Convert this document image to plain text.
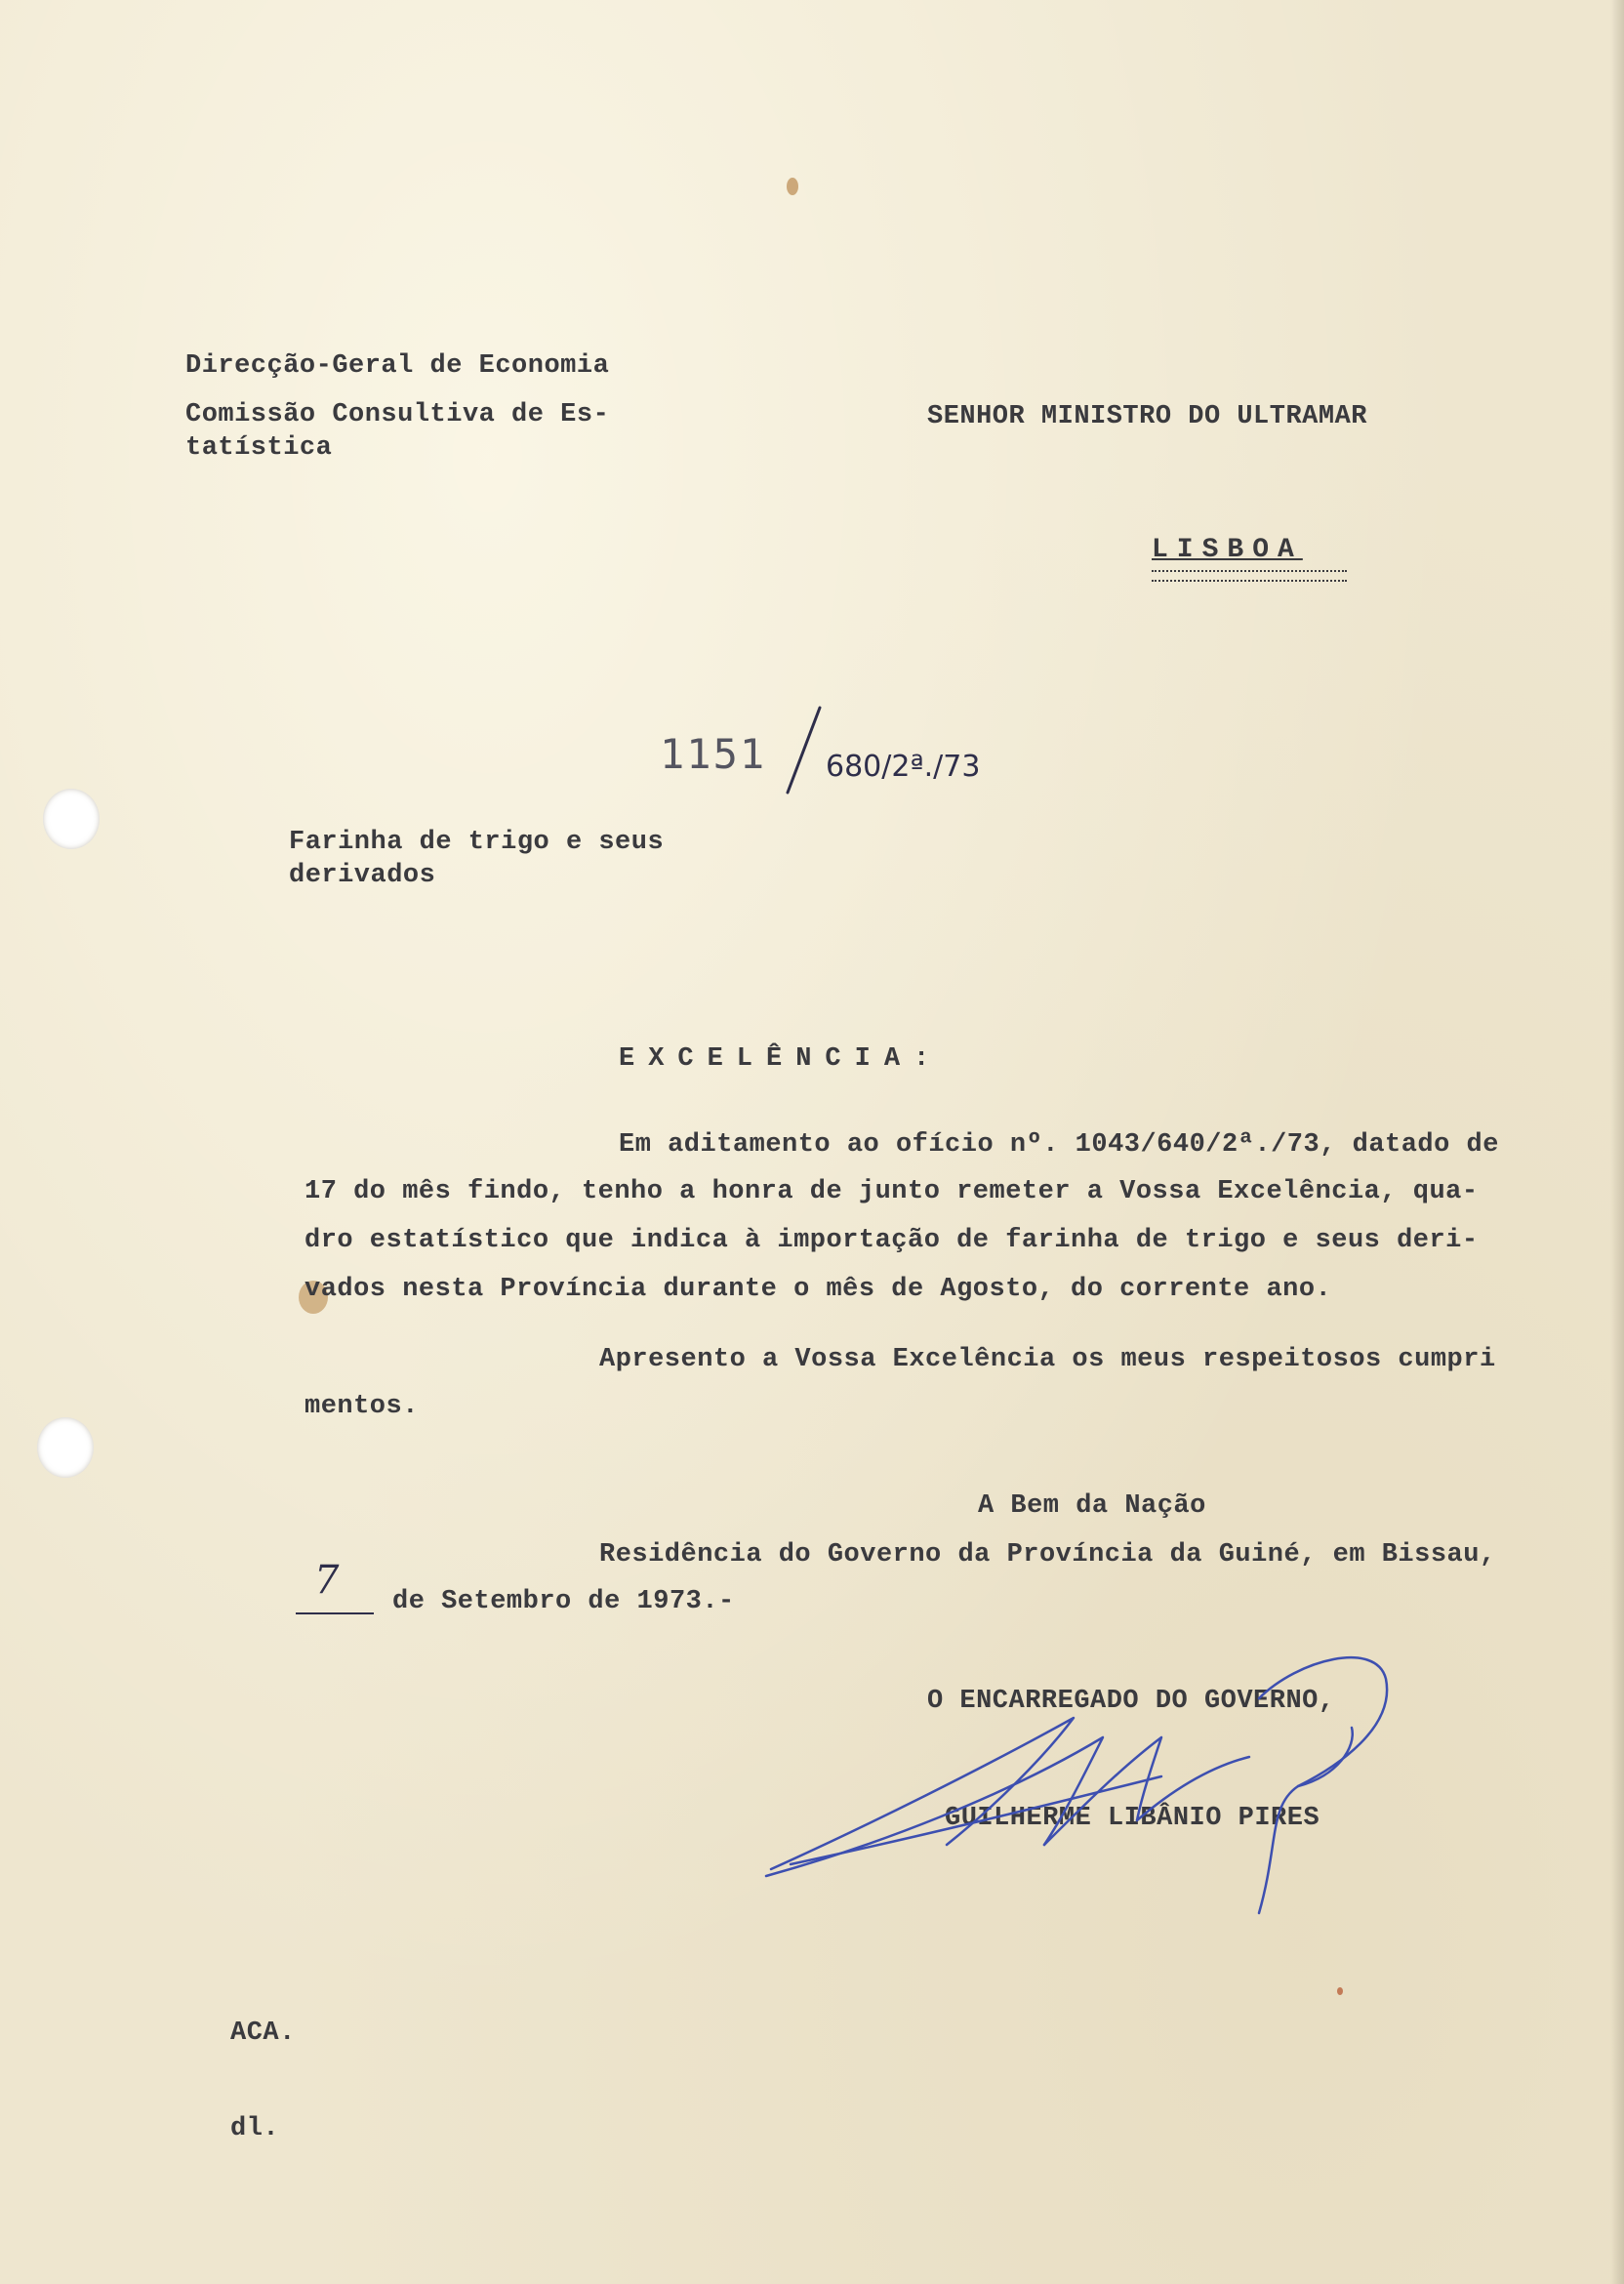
Direcção-Geral de Economia
Comissão Consultiva de Es-
tatística
SENHOR MINISTRO DO ULTRAMAR
LISBOA
1151 680/2ª./73
Farinha de trigo e seus
derivados
EXCELÊNCIA:
Em aditamento ao ofício nº. 1043/640/2ª./73, datado de
17 do mês findo, tenho a honra de junto remeter a Vossa Excelência, qua-
dro estatístico que indica à importação de farinha de trigo e seus deri-
vados nesta Província durante o mês de Agosto, do corrente ano.
Apresento a Vossa Excelência os meus respeitosos cumpri
mentos.
A Bem da Nação
Residência do Governo da Província da Guiné, em Bissau,
7 de Setembro de 1973.-
O ENCARREGADO DO GOVERNO,
GUILHERME LIBÂNIO PIRES
ACA.
dl.
